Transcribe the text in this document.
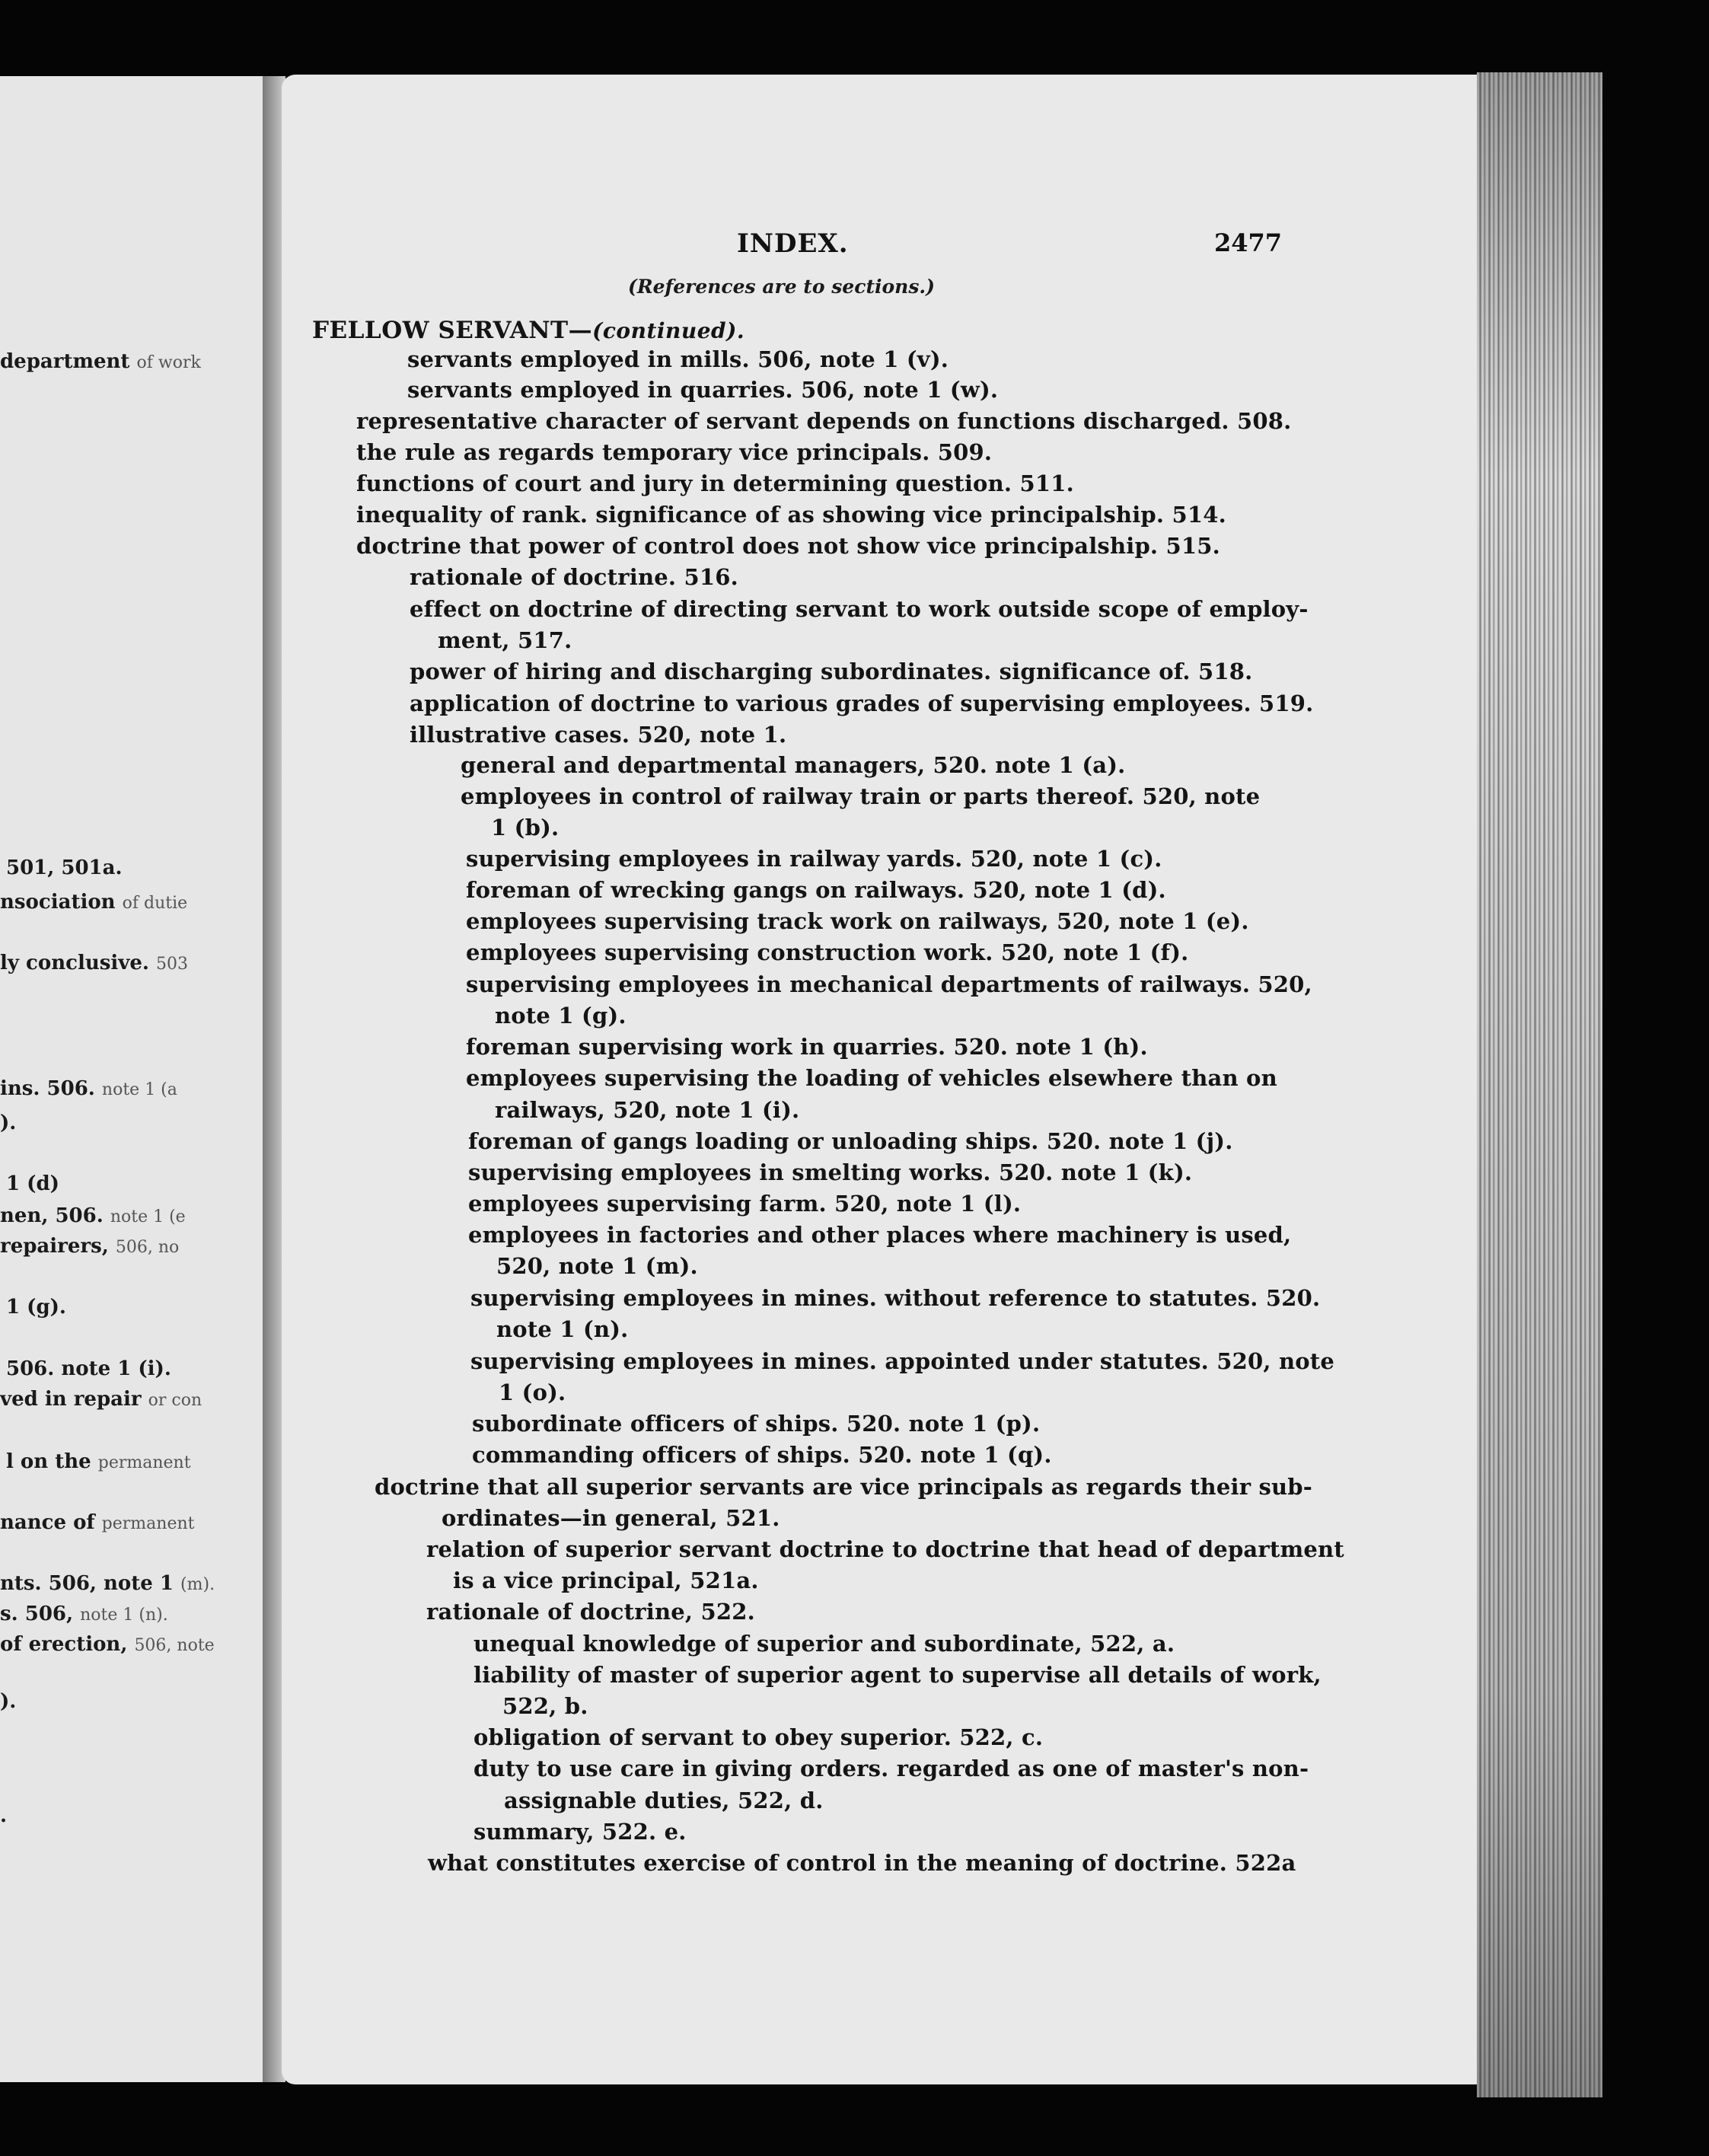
department of work
501, 501a.
nsociation of dutie
ly conclusive. 503
ins. 506. note 1 (a
).
1 (d)
nen, 506. note 1 (e
repairers, 506, no
1 (g).
506. note 1 (i).
ved in repair or con
l on the permanent
nance of permanent
nts. 506, note 1 (m).
s. 506, note 1 (n).
of erection, 506, note
).
.
INDEX.	2477
(References are to sections.)
FELLOW SERVANT—(continued).
servants employed in mills. 506, note 1 (v).
servants employed in quarries. 506, note 1 (w).
representative character of servant depends on functions discharged. 508.
the rule as regards temporary vice principals. 509.
functions of court and jury in determining question. 511.
inequality of rank. significance of as showing vice principalship. 514.
doctrine that power of control does not show vice principalship. 515.
rationale of doctrine. 516.
effect on doctrine of directing servant to work outside scope of employ-
ment, 517.
power of hiring and discharging subordinates. significance of. 518.
application of doctrine to various grades of supervising employees. 519.
illustrative cases. 520, note 1.
general and departmental managers, 520. note 1 (a).
employees in control of railway train or parts thereof. 520, note
1 (b).
supervising employees in railway yards. 520, note 1 (c).
foreman of wrecking gangs on railways. 520, note 1 (d).
employees supervising track work on railways, 520, note 1 (e).
employees supervising construction work. 520, note 1 (f).
supervising employees in mechanical departments of railways. 520,
note 1 (g).
foreman supervising work in quarries. 520. note 1 (h).
employees supervising the loading of vehicles elsewhere than on
railways, 520, note 1 (i).
foreman of gangs loading or unloading ships. 520. note 1 (j).
supervising employees in smelting works. 520. note 1 (k).
employees supervising farm. 520, note 1 (l).
employees in factories and other places where machinery is used,
520, note 1 (m).
supervising employees in mines. without reference to statutes. 520.
note 1 (n).
supervising employees in mines. appointed under statutes. 520, note
1 (o).
subordinate officers of ships. 520. note 1 (p).
commanding officers of ships. 520. note 1 (q).
doctrine that all superior servants are vice principals as regards their sub-
ordinates—in general, 521.
relation of superior servant doctrine to doctrine that head of department
is a vice principal, 521a.
rationale of doctrine, 522.
unequal knowledge of superior and subordinate, 522, a.
liability of master of superior agent to supervise all details of work,
522, b.
obligation of servant to obey superior. 522, c.
duty to use care in giving orders. regarded as one of master's non-
assignable duties, 522, d.
summary, 522. e.
what constitutes exercise of control in the meaning of doctrine. 522a
